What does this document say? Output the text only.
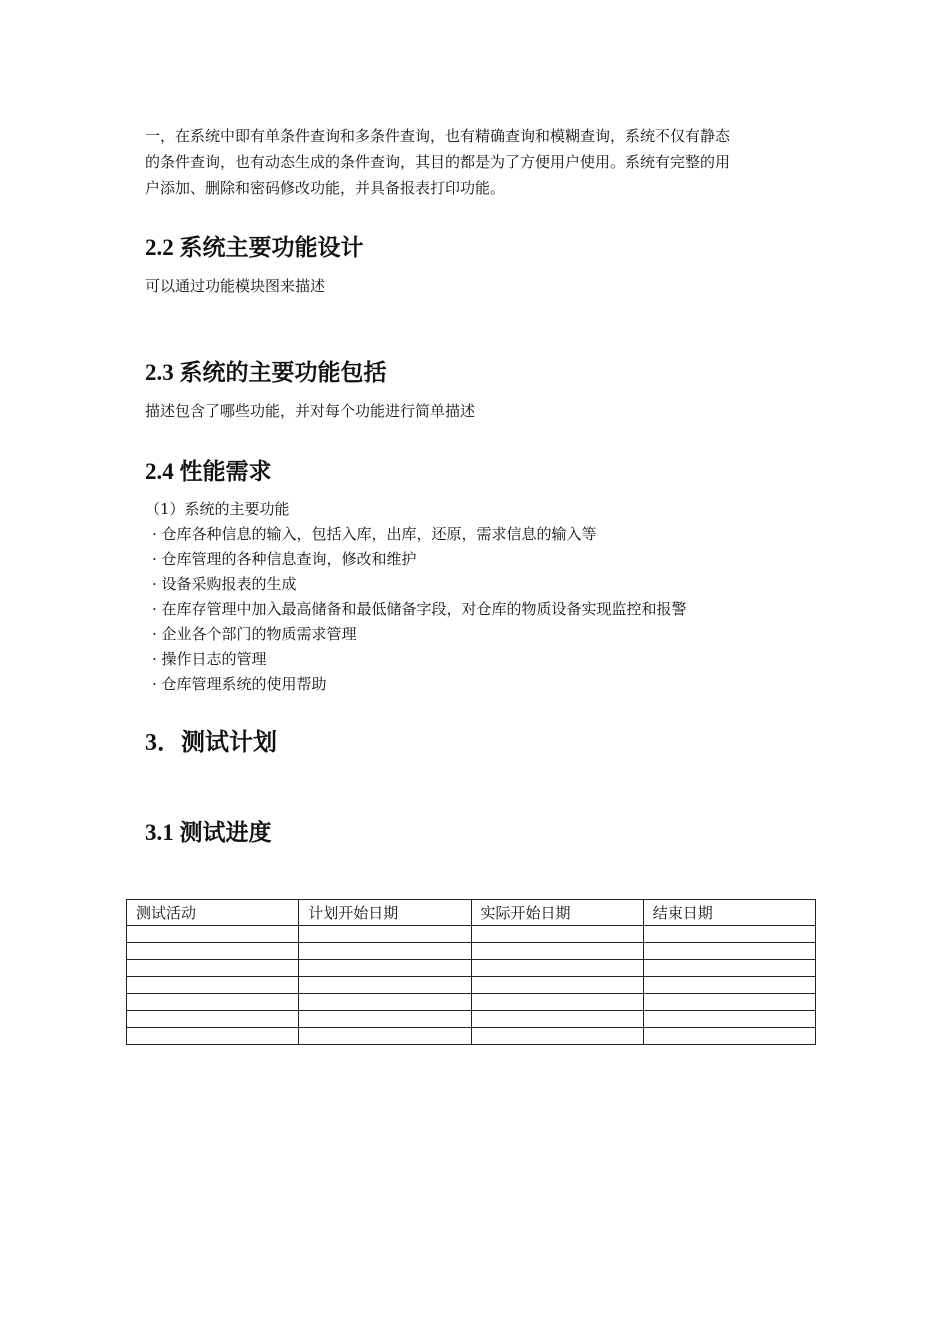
一，在系统中即有单条件查询和多条件查询，也有精确查询和模糊查询，系统不仅有静态
的条件查询，也有动态生成的条件查询，其目的都是为了方便用户使用。系统有完整的用
户添加、删除和密码修改功能，并具备报表打印功能。

2.2 系统主要功能设计

可以通过功能模块图来描述

2.3 系统的主要功能包括

描述包含了哪些功能，并对每个功能进行简单描述

2.4 性能需求
（1）系统的主要功能
· 仓库各种信息的输入，包括入库，出库，还原，需求信息的输入等
· 仓库管理的各种信息查询，修改和维护
· 设备采购报表的生成
· 在库存管理中加入最高储备和最低储备字段，对仓库的物质设备实现监控和报警
· 企业各个部门的物质需求管理
· 操作日志的管理
· 仓库管理系统的使用帮助
3．测试计划
3.1 测试进度
测试活动	计划开始日期	实际开始日期	结束日期
